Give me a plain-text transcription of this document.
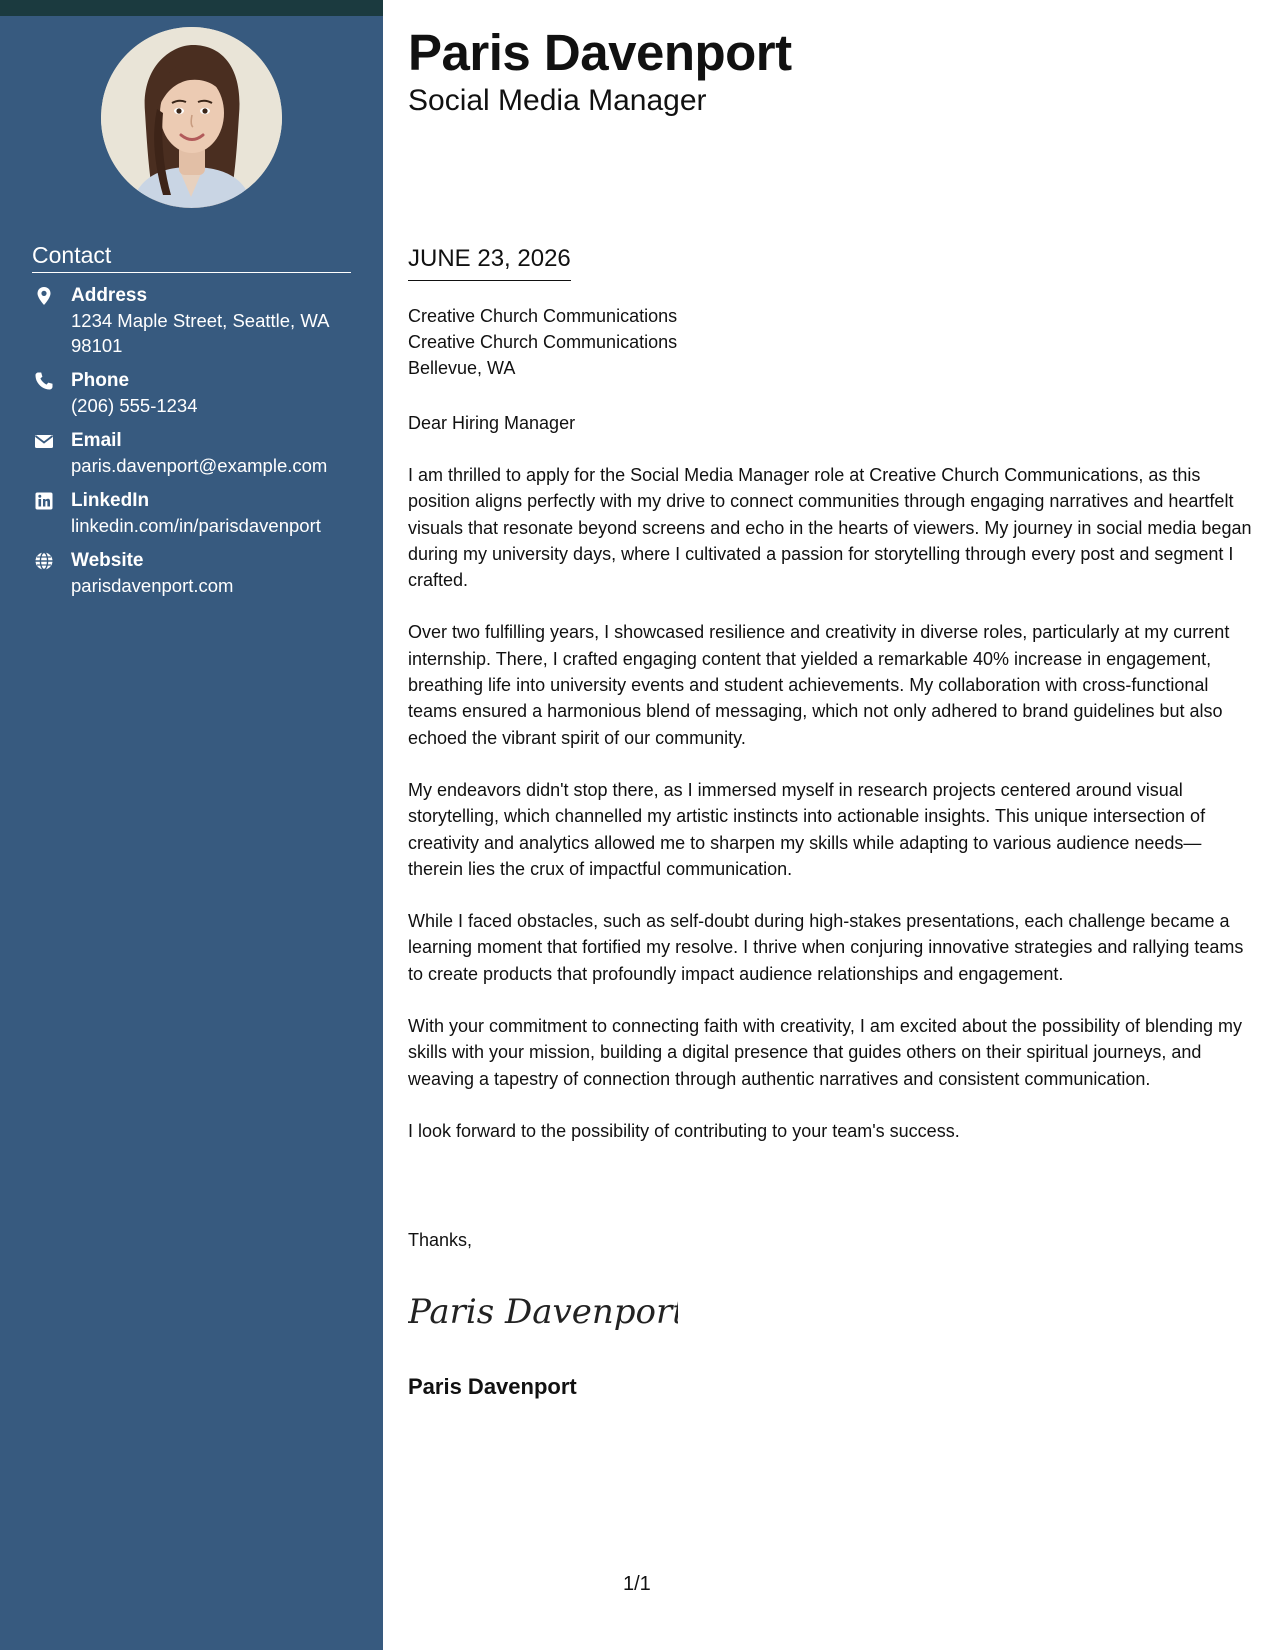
Contact
Address
1234 Maple Street, Seattle, WA 98101
Phone
(206) 555-1234
Email
paris.davenport@example.com
LinkedIn
linkedin.com/in/parisdavenport
Website
parisdavenport.com
Paris Davenport
Social Media Manager
JUNE 23, 2026
Creative Church Communications
Creative Church Communications
Bellevue, WA
Dear Hiring Manager

I am thrilled to apply for the Social Media Manager role at Creative Church Communications, as this position aligns perfectly with my drive to connect communities through engaging narratives and heartfelt visuals that resonate beyond screens and echo in the hearts of viewers. My journey in social media began during my university days, where I cultivated a passion for storytelling through every post and segment I crafted.

Over two fulfilling years, I showcased resilience and creativity in diverse roles, particularly at my current internship. There, I crafted engaging content that yielded a remarkable 40% increase in engagement, breathing life into university events and student achievements. My collaboration with cross-functional teams ensured a harmonious blend of messaging, which not only adhered to brand guidelines but also echoed the vibrant spirit of our community.

My endeavors didn't stop there, as I immersed myself in research projects centered around visual storytelling, which channelled my artistic instincts into actionable insights. This unique intersection of creativity and analytics allowed me to sharpen my skills while adapting to various audience needs—therein lies the crux of impactful communication.

While I faced obstacles, such as self-doubt during high-stakes presentations, each challenge became a learning moment that fortified my resolve. I thrive when conjuring innovative strategies and rallying teams to create products that profoundly impact audience relationships and engagement.

With your commitment to connecting faith with creativity, I am excited about the possibility of blending my skills with your mission, building a digital presence that guides others on their spiritual journeys, and weaving a tapestry of connection through authentic narratives and consistent communication.

I look forward to the possibility of contributing to your team's success.

Thanks,
Paris Davenport
Paris Davenport
1/1
